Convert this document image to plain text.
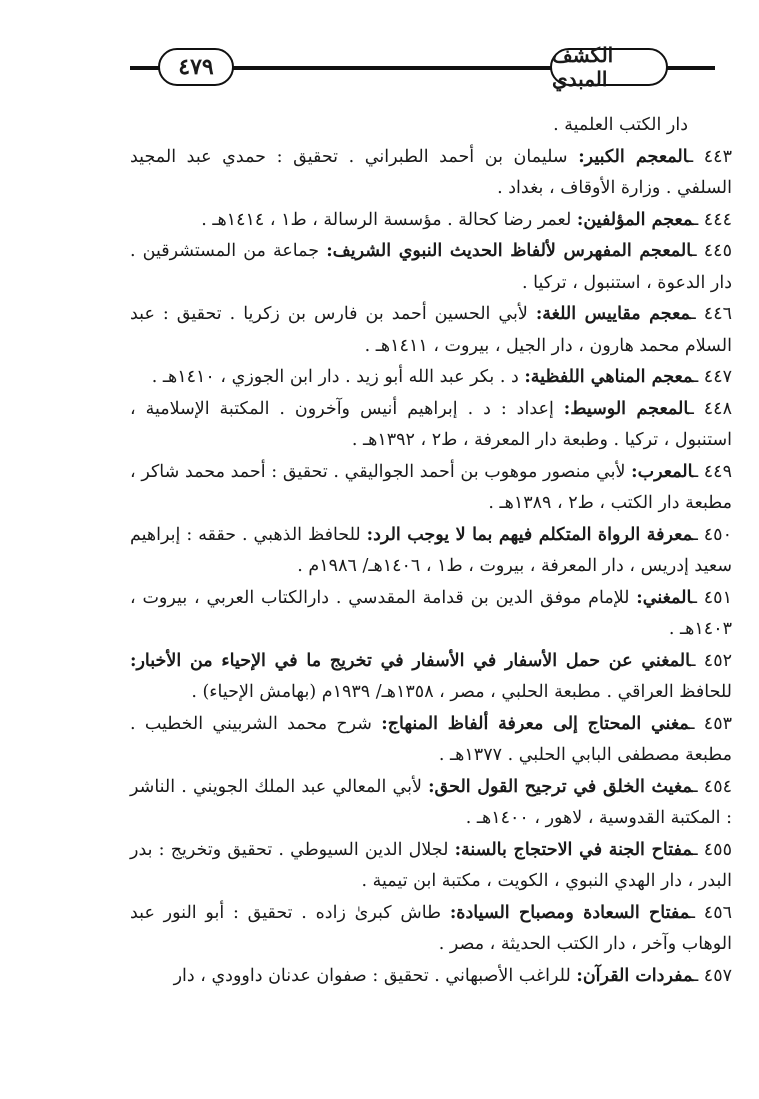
٤٧٩	الكشف المبدي

دار الكتب العلمية .

٤٤٣ ـالمعجم الكبير: سليمان بن أحمد الطبراني . تحقيق : حمدي عبد المجيد السلفي . وزارة الأوقاف ، بغداد .

٤٤٤ ـمعجم المؤلفين: لعمر رضا كحالة . مؤسسة الرسالة ، ط١ ، ١٤١٤هـ .

٤٤٥ ـالمعجم المفهرس لألفاظ الحديث النبوي الشريف: جماعة من المستشرقين . دار الدعوة ، استنبول ، تركيا .

٤٤٦ ـمعجم مقاييس اللغة: لأبي الحسين أحمد بن فارس بن زكريا . تحقيق : عبد السلام محمد هارون ، دار الجيل ، بيروت ، ١٤١١هـ .

٤٤٧ ـمعجم المناهي اللفظية: د . بكر عبد الله أبو زيد . دار ابن الجوزي ، ١٤١٠هـ .

٤٤٨ ـالمعجم الوسيط: إعداد : د . إبراهيم أنيس وآخرون . المكتبة الإسلامية ، استنبول ، تركيا . وطبعة دار المعرفة ، ط٢ ، ١٣٩٢هـ .

٤٤٩ ـالمعرب: لأبي منصور موهوب بن أحمد الجواليقي . تحقيق : أحمد محمد شاكر ، مطبعة دار الكتب ، ط٢ ، ١٣٨٩هـ .

٤٥٠ ـمعرفة الرواة المتكلم فيهم بما لا يوجب الرد: للحافظ الذهبي . حققه : إبراهيم سعيد إدريس ، دار المعرفة ، بيروت ، ط١ ، ١٤٠٦هـ/ ١٩٨٦م .

٤٥١ ـالمغني: للإمام موفق الدين بن قدامة المقدسي . دارالكتاب العربي ، بيروت ، ١٤٠٣هـ .

٤٥٢ ـالمغني عن حمل الأسفار في الأسفار في تخريج ما في الإحياء من الأخبار: للحافظ العراقي . مطبعة الحلبي ، مصر ، ١٣٥٨هـ/ ١٩٣٩م (بهامش الإحياء) .

٤٥٣ ـمغني المحتاج إلى معرفة ألفاظ المنهاج: شرح محمد الشربيني الخطيب . مطبعة مصطفى البابي الحلبي . ١٣٧٧هـ .

٤٥٤ ـمغيث الخلق في ترجيح القول الحق: لأبي المعالي عبد الملك الجويني . الناشر : المكتبة القدوسية ، لاهور ، ١٤٠٠هـ .

٤٥٥ ـمفتاح الجنة في الاحتجاج بالسنة: لجلال الدين السيوطي . تحقيق وتخريج : بدر البدر ، دار الهدي النبوي ، الكويت ، مكتبة ابن تيمية .

٤٥٦ ـمفتاح السعادة ومصباح السيادة: طاش كبرىٰ زاده . تحقيق : أبو النور عبد الوهاب وآخر ، دار الكتب الحديثة ، مصر .

٤٥٧ ـمفردات القرآن: للراغب الأصبهاني . تحقيق : صفوان عدنان داوودي ، دار
